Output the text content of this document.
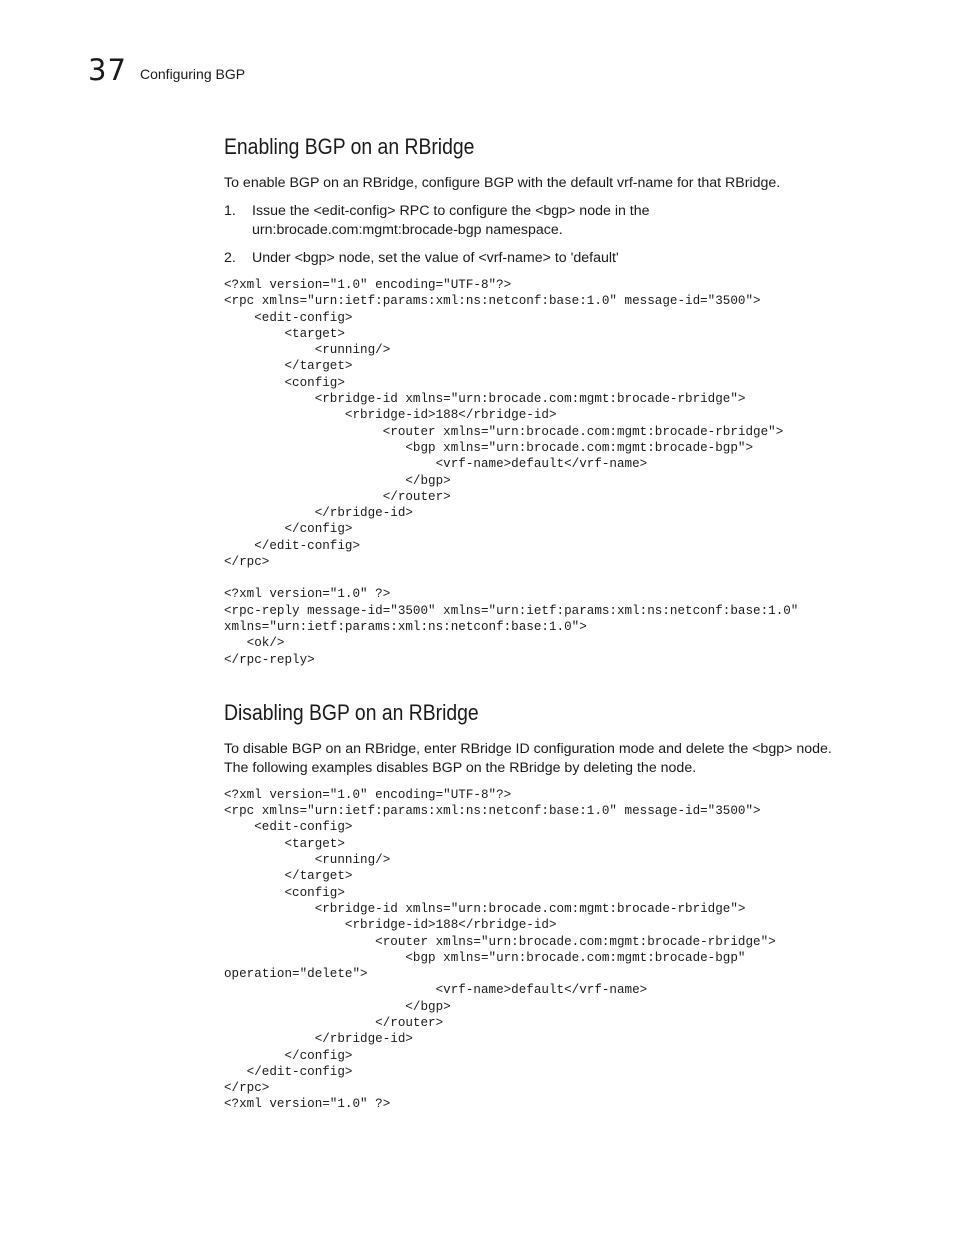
37 Configuring BGP
Enabling BGP on an RBridge

To enable BGP on an RBridge, configure BGP with the default vrf-name for that RBridge.

1. Issue the <edit-config> RPC to configure the <bgp> node in the
urn:brocade.com:mgmt:brocade-bgp namespace.
2. Under <bgp> node, set the value of <vrf-name> to 'default'
<?xml version="1.0" encoding="UTF-8"?>
<rpc xmlns="urn:ietf:params:xml:ns:netconf:base:1.0" message-id="3500">
<edit-config>
<target>
<running/>
</target>
<config>
<rbridge-id xmlns="urn:brocade.com:mgmt:brocade-rbridge">
<rbridge-id>188</rbridge-id>
<router xmlns="urn:brocade.com:mgmt:brocade-rbridge">
<bgp xmlns="urn:brocade.com:mgmt:brocade-bgp">
<vrf-name>default</vrf-name>
</bgp>
</router>
</rbridge-id>
</config>
</edit-config>
</rpc>
<?xml version="1.0" ?>
<rpc-reply message-id="3500" xmlns="urn:ietf:params:xml:ns:netconf:base:1.0"
xmlns="urn:ietf:params:xml:ns:netconf:base:1.0">
<ok/>
</rpc-reply>
Disabling BGP on an RBridge

To disable BGP on an RBridge, enter RBridge ID configuration mode and delete the <bgp> node.
The following examples disables BGP on the RBridge by deleting the node.

<?xml version="1.0" encoding="UTF-8"?>
<rpc xmlns="urn:ietf:params:xml:ns:netconf:base:1.0" message-id="3500">
<edit-config>
<target>
<running/>
</target>
<config>
<rbridge-id xmlns="urn:brocade.com:mgmt:brocade-rbridge">
<rbridge-id>188</rbridge-id>
<router xmlns="urn:brocade.com:mgmt:brocade-rbridge">
<bgp xmlns="urn:brocade.com:mgmt:brocade-bgp"
operation="delete">
<vrf-name>default</vrf-name>
</bgp>
</router>
</rbridge-id>
</config>
</edit-config>
</rpc>
<?xml version="1.0" ?>
